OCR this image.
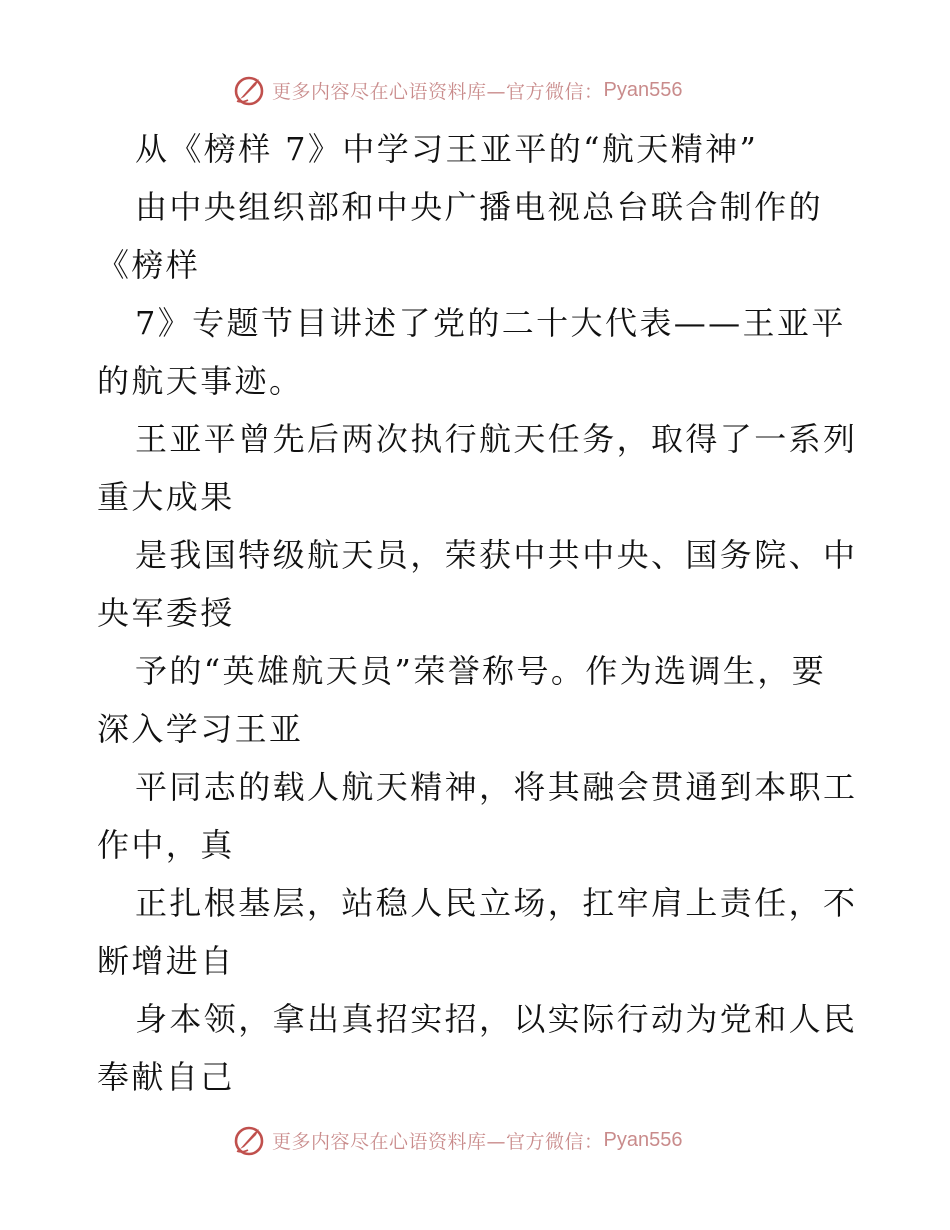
更多内容尽在心语资料库—官方微信： Pyan556
从《榜样 7》中学习王亚平的“航天精神”
由中央组织部和中央广播电视总台联合制作的
《榜样
7》专题节目讲述了党的二十大代表——王亚平
的航天事迹。
王亚平曾先后两次执行航天任务，取得了一系列
重大成果
是我国特级航天员，荣获中共中央、国务院、中
央军委授
予的“英雄航天员”荣誉称号。作为选调生，要
深入学习王亚
平同志的载人航天精神，将其融会贯通到本职工
作中，真
正扎根基层，站稳人民立场，扛牢肩上责任，不
断增进自
身本领，拿出真招实招，以实际行动为党和人民
奉献自己
更多内容尽在心语资料库—官方微信： Pyan556
